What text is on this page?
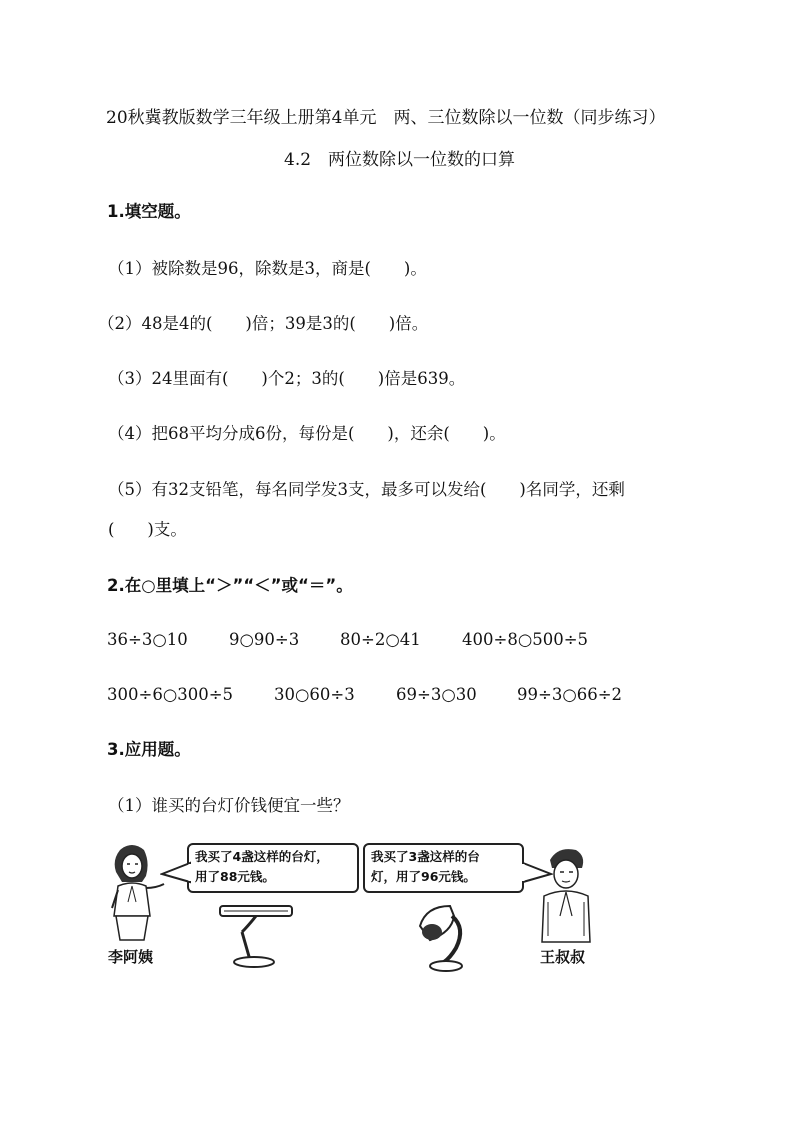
20秋冀教版数学三年级上册第4单元　两、三位数除以一位数（同步练习）
4.2　两位数除以一位数的口算
1.填空题。
（1）被除数是96，除数是3，商是(　　)。
（2）48是4的(　　)倍；39是3的(　　)倍。
（3）24里面有(　　)个2；3的(　　)倍是639。
（4）把68平均分成6份，每份是(　　)，还余(　　)。
（5）有32支铅笔，每名同学发3支，最多可以发给(　　)名同学，还剩
(　　)支。
2.在○里填上“＞”“＜”或“＝”。
36÷3○10	9○90÷3 80÷2○41	400÷8○500÷5
300÷6○300÷5 30○60÷3	69÷3○30 99÷3○66÷2
3.应用题。
（1）谁买的台灯价钱便宜一些？
我买了4盏这样的台灯，
用了88元钱。
我买了3盏这样的台
灯，用了96元钱。
李阿姨	王叔叔
